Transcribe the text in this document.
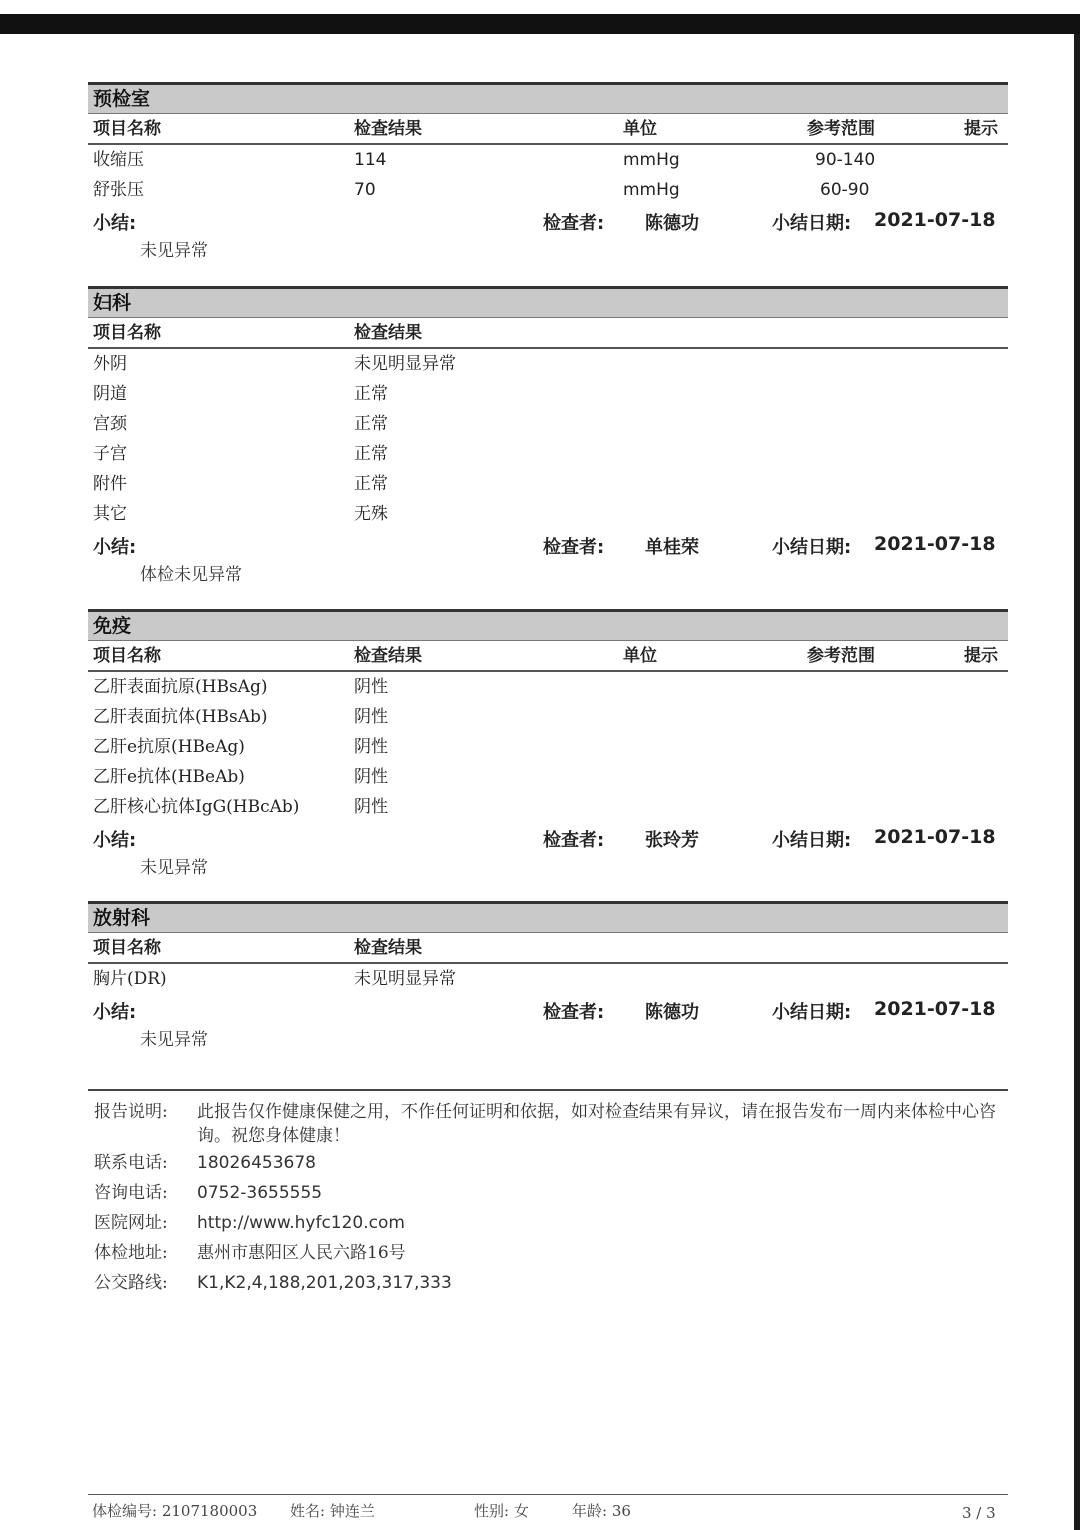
预检室
项目名称	检查结果	单位	参考范围	提示
收缩压	114	mmHg	90-140
舒张压	70	mmHg	60-90
小结:	检查者: 陈德功	小结日期: 2021-07-18
未见异常
妇科
项目名称	检查结果
外阴	未见明显异常
阴道	正常
宫颈	正常
子宫	正常
附件	正常
其它	无殊
小结:	检查者: 单桂荣	小结日期: 2021-07-18
体检未见异常
免疫
项目名称	检查结果	单位	参考范围	提示
乙肝表面抗原(HBsAg)	阴性
乙肝表面抗体(HBsAb)	阴性
乙肝e抗原(HBeAg)	阴性
乙肝e抗体(HBeAb)	阴性
乙肝核心抗体IgG(HBcAb)	阴性
小结:	检查者: 张玲芳	小结日期: 2021-07-18
未见异常
放射科
项目名称	检查结果
胸片(DR)	未见明显异常
小结:	检查者: 陈德功	小结日期: 2021-07-18
未见异常
报告说明: 此报告仅作健康保健之用，不作任何证明和依据，如对检查结果有异议，请在报告发布一周内来体检中心咨询。祝您身体健康！
联系电话: 18026453678
咨询电话: 0752-3655555
医院网址: http://www.hyfc120.com
体检地址: 惠州市惠阳区人民六路16号
公交路线: K1,K2,4,188,201,203,317,333
体检编号: 2107180003 姓名: 钟连兰	性别: 女	年龄: 36	3 / 3
